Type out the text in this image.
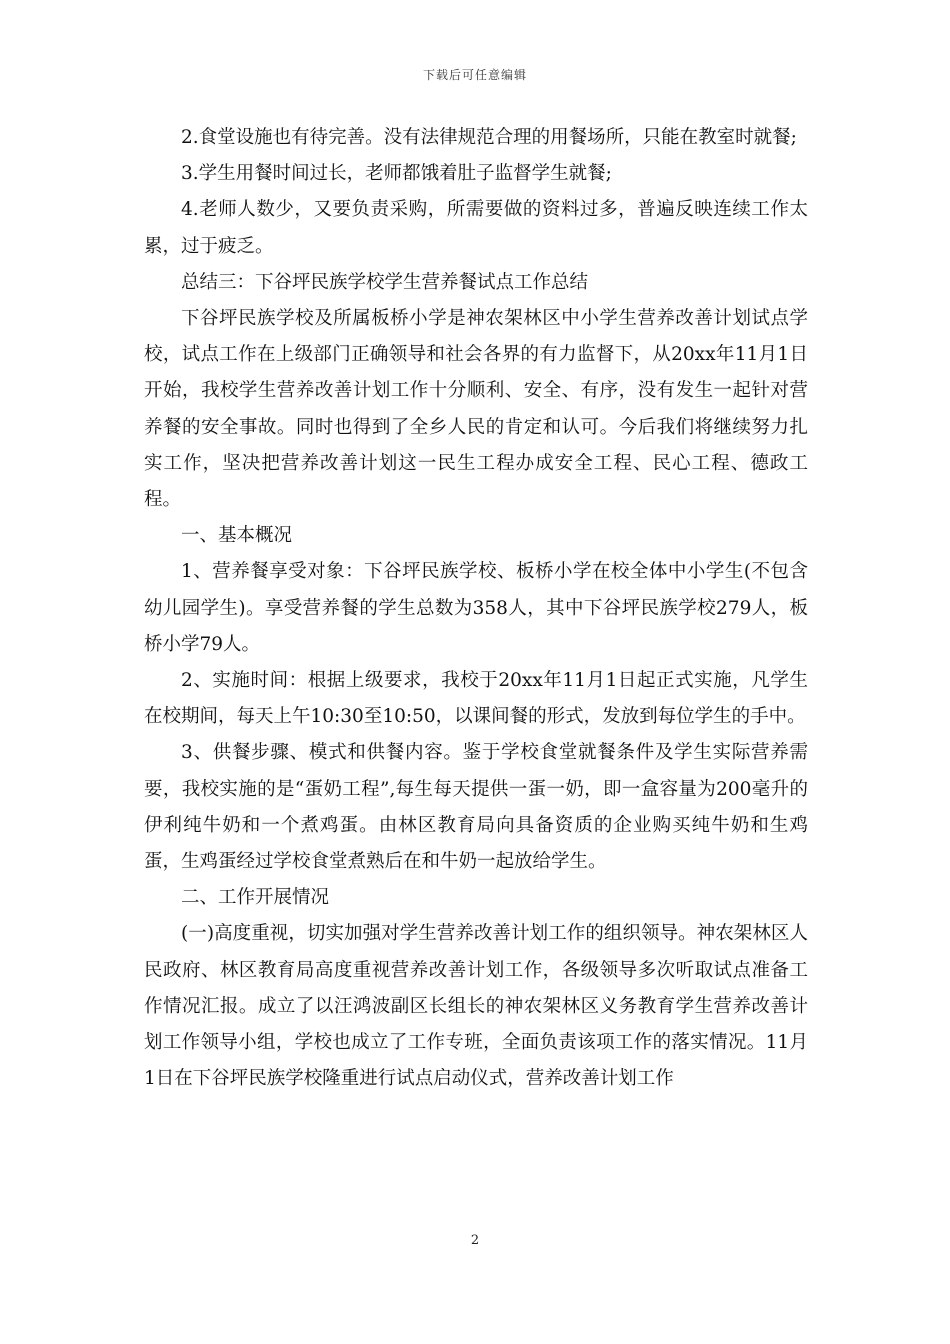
下载后可任意编辑

2.食堂设施也有待完善。没有法律规范合理的用餐场所，只能在教室时就餐;

3.学生用餐时间过长，老师都饿着肚子监督学生就餐;

4.老师人数少，又要负责采购，所需要做的资料过多，普遍反映连续工作太累，过于疲乏。

总结三：下谷坪民族学校学生营养餐试点工作总结

下谷坪民族学校及所属板桥小学是神农架林区中小学生营养改善计划试点学校，试点工作在上级部门正确领导和社会各界的有力监督下，从20xx年11月1日开始，我校学生营养改善计划工作十分顺利、安全、有序，没有发生一起针对营养餐的安全事故。同时也得到了全乡人民的肯定和认可。今后我们将继续努力扎实工作，坚决把营养改善计划这一民生工程办成安全工程、民心工程、德政工程。

一、基本概况

1、营养餐享受对象：下谷坪民族学校、板桥小学在校全体中小学生(不包含幼儿园学生)。享受营养餐的学生总数为358人，其中下谷坪民族学校279人，板桥小学79人。

2、实施时间：根据上级要求，我校于20xx年11月1日起正式实施，凡学生在校期间，每天上午10:30至10:50，以课间餐的形式，发放到每位学生的手中。

3、供餐步骤、模式和供餐内容。鉴于学校食堂就餐条件及学生实际营养需要，我校实施的是“蛋奶工程”,每生每天提供一蛋一奶，即一盒容量为200毫升的伊利纯牛奶和一个煮鸡蛋。由林区教育局向具备资质的企业购买纯牛奶和生鸡蛋，生鸡蛋经过学校食堂煮熟后在和牛奶一起放给学生。

二、工作开展情况

(一)高度重视，切实加强对学生营养改善计划工作的组织领导。神农架林区人民政府、林区教育局高度重视营养改善计划工作，各级领导多次听取试点准备工作情况汇报。成立了以汪鸿波副区长组长的神农架林区义务教育学生营养改善计划工作领导小组，学校也成立了工作专班，全面负责该项工作的落实情况。11月1日在下谷坪民族学校隆重进行试点启动仪式，营养改善计划工作

2
